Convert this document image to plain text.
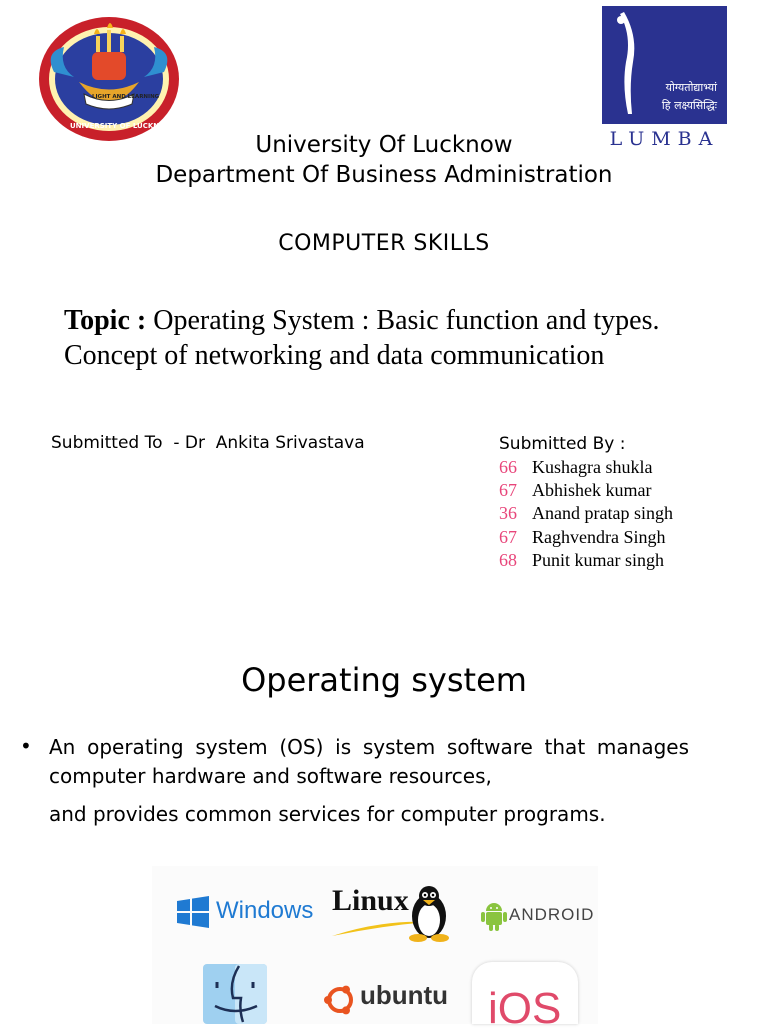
LIGHT AND LEARNING
UNIVERSITY OF LUCKNOW
योग्यतोद्याभ्यां
हि लक्ष्यसिद्धिः
LUMBA
University Of Lucknow
Department Of Business Administration
COMPUTER SKILLS
Topic : Operating System : Basic function and types.
Concept of networking and data communication
Submitted To  - Dr  Ankita Srivastava	Submitted By :
66 Kushagra shukla
67 Abhishek kumar
36 Anand pratap singh
67 Raghvendra Singh
68 Punit kumar singh
Operating system
• An operating system (OS) is system software that manages computer hardware and software resources,
and provides common services for computer programs.
Windows Linux	ANDROID
ubuntu iOS
